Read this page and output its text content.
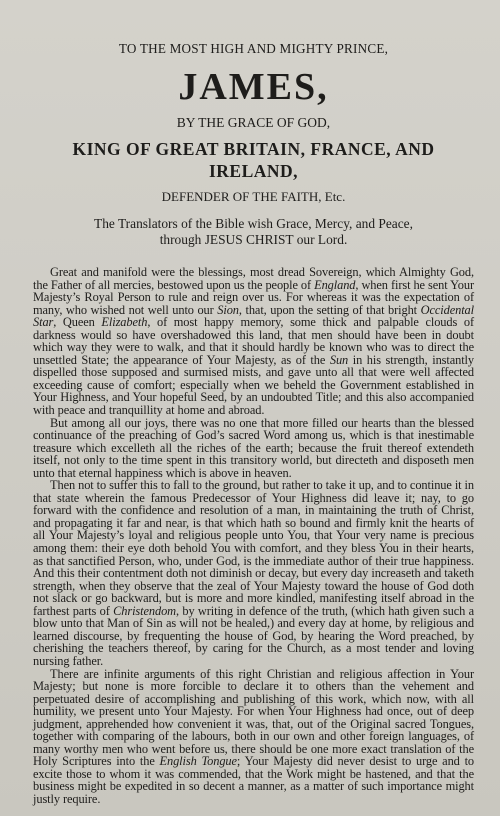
TO THE MOST HIGH AND MIGHTY PRINCE,
JAMES,
BY THE GRACE OF GOD,
KING OF GREAT BRITAIN, FRANCE, AND IRELAND,
DEFENDER OF THE FAITH, Etc.
The Translators of the Bible wish Grace, Mercy, and Peace,
through JESUS CHRIST our Lord.

Great and manifold were the blessings, most dread Sovereign, which Almighty God, the Father of all mercies, bestowed upon us the people of England, when first he sent Your Majesty’s Royal Person to rule and reign over us. For whereas it was the expectation of many, who wished not well unto our Sion, that, upon the setting of that bright Occidental Star, Queen Elizabeth, of most happy memory, some thick and palpable clouds of darkness would so have overshadowed this land, that men should have been in doubt which way they were to walk, and that it should hardly be known who was to direct the unsettled State; the appearance of Your Majesty, as of the Sun in his strength, instantly dispelled those supposed and surmised mists, and gave unto all that were well affected exceeding cause of comfort; especially when we beheld the Government established in Your Highness, and Your hopeful Seed, by an undoubted Title; and this also accompanied with peace and tranquillity at home and abroad.

But among all our joys, there was no one that more filled our hearts than the blessed continuance of the preaching of God’s sacred Word among us, which is that inestimable treasure which excelleth all the riches of the earth; because the fruit thereof extendeth itself, not only to the time spent in this transitory world, but directeth and disposeth men unto that eternal happiness which is above in heaven.

Then not to suffer this to fall to the ground, but rather to take it up, and to continue it in that state wherein the famous Predecessor of Your Highness did leave it; nay, to go forward with the confidence and resolution of a man, in maintaining the truth of Christ, and propagating it far and near, is that which hath so bound and firmly knit the hearts of all Your Majesty’s loyal and religious people unto You, that Your very name is precious among them: their eye doth behold You with comfort, and they bless You in their hearts, as that sanctified Person, who, under God, is the immediate author of their true happiness. And this their contentment doth not diminish or decay, but every day increaseth and taketh strength, when they observe that the zeal of Your Majesty toward the house of God doth not slack or go backward, but is more and more kindled, manifesting itself abroad in the farthest parts of Christendom, by writing in defence of the truth, (which hath given such a blow unto that Man of Sin as will not be healed,) and every day at home, by religious and learned discourse, by frequenting the house of God, by hearing the Word preached, by cherishing the teachers thereof, by caring for the Church, as a most tender and loving nursing father.

There are infinite arguments of this right Christian and religious affection in Your Majesty; but none is more forcible to declare it to others than the vehement and perpetuated desire of accomplishing and publishing of this work, which now, with all humility, we present unto Your Majesty. For when Your Highness had once, out of deep judgment, apprehended how convenient it was, that, out of the Original sacred Tongues, together with comparing of the labours, both in our own and other foreign languages, of many worthy men who went before us, there should be one more exact translation of the Holy Scriptures into the English Tongue; Your Majesty did never desist to urge and to excite those to whom it was commended, that the Work might be hastened, and that the business might be expedited in so decent a manner, as a matter of such importance might justly require.
